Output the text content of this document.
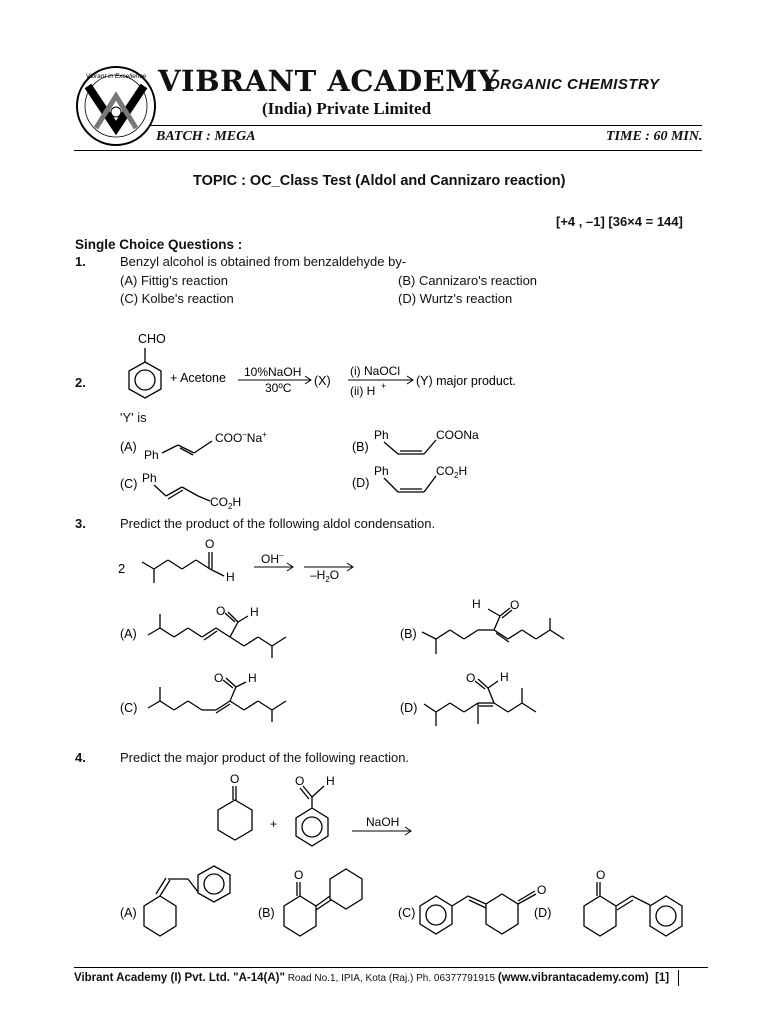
Vibrant in Excellence VIBRANT ACADEMY
(India) Private Limited
ORGANIC CHEMISTRY
BATCH : MEGA	TIME : 60 MIN.
TOPIC : OC_Class Test (Aldol and Cannizaro reaction)
[+4 , –1] [36×4 = 144]
Single Choice Questions :
1.	Benzyl alcohol is obtained from benzaldehyde by-
(A) Fittig's reaction	(B) Cannizaro's reaction
(C) Kolbe's reaction	(D) Wurtz's reaction
2.
CHO
+ Acetone 10%NaOH
30ºC (X)
(i) NaOCl
(ii) H + (Y) major product.
'Y' is
(A)
Ph
COO–Na+
(B)
Ph	COONa
(C) Ph
$CO_2H$
(D)
Ph	$CO_2H$
3.	Predict the product of the following aldol condensation.
2
O
H
OH–
$-H_2O$
(A)
O H
(B)
O
H
(C)
O H
(D)
O H
4.	Predict the major product of the following reaction.
O
+
O H
NaOH
(A)	(B)
O
(C)
O
(D)
O
Vibrant Academy (I) Pvt. Ltd. "A-14(A)" Road No.1, IPIA, Kota (Raj.) Ph. 06377791915 (www.vibrantacademy.com) [1]
